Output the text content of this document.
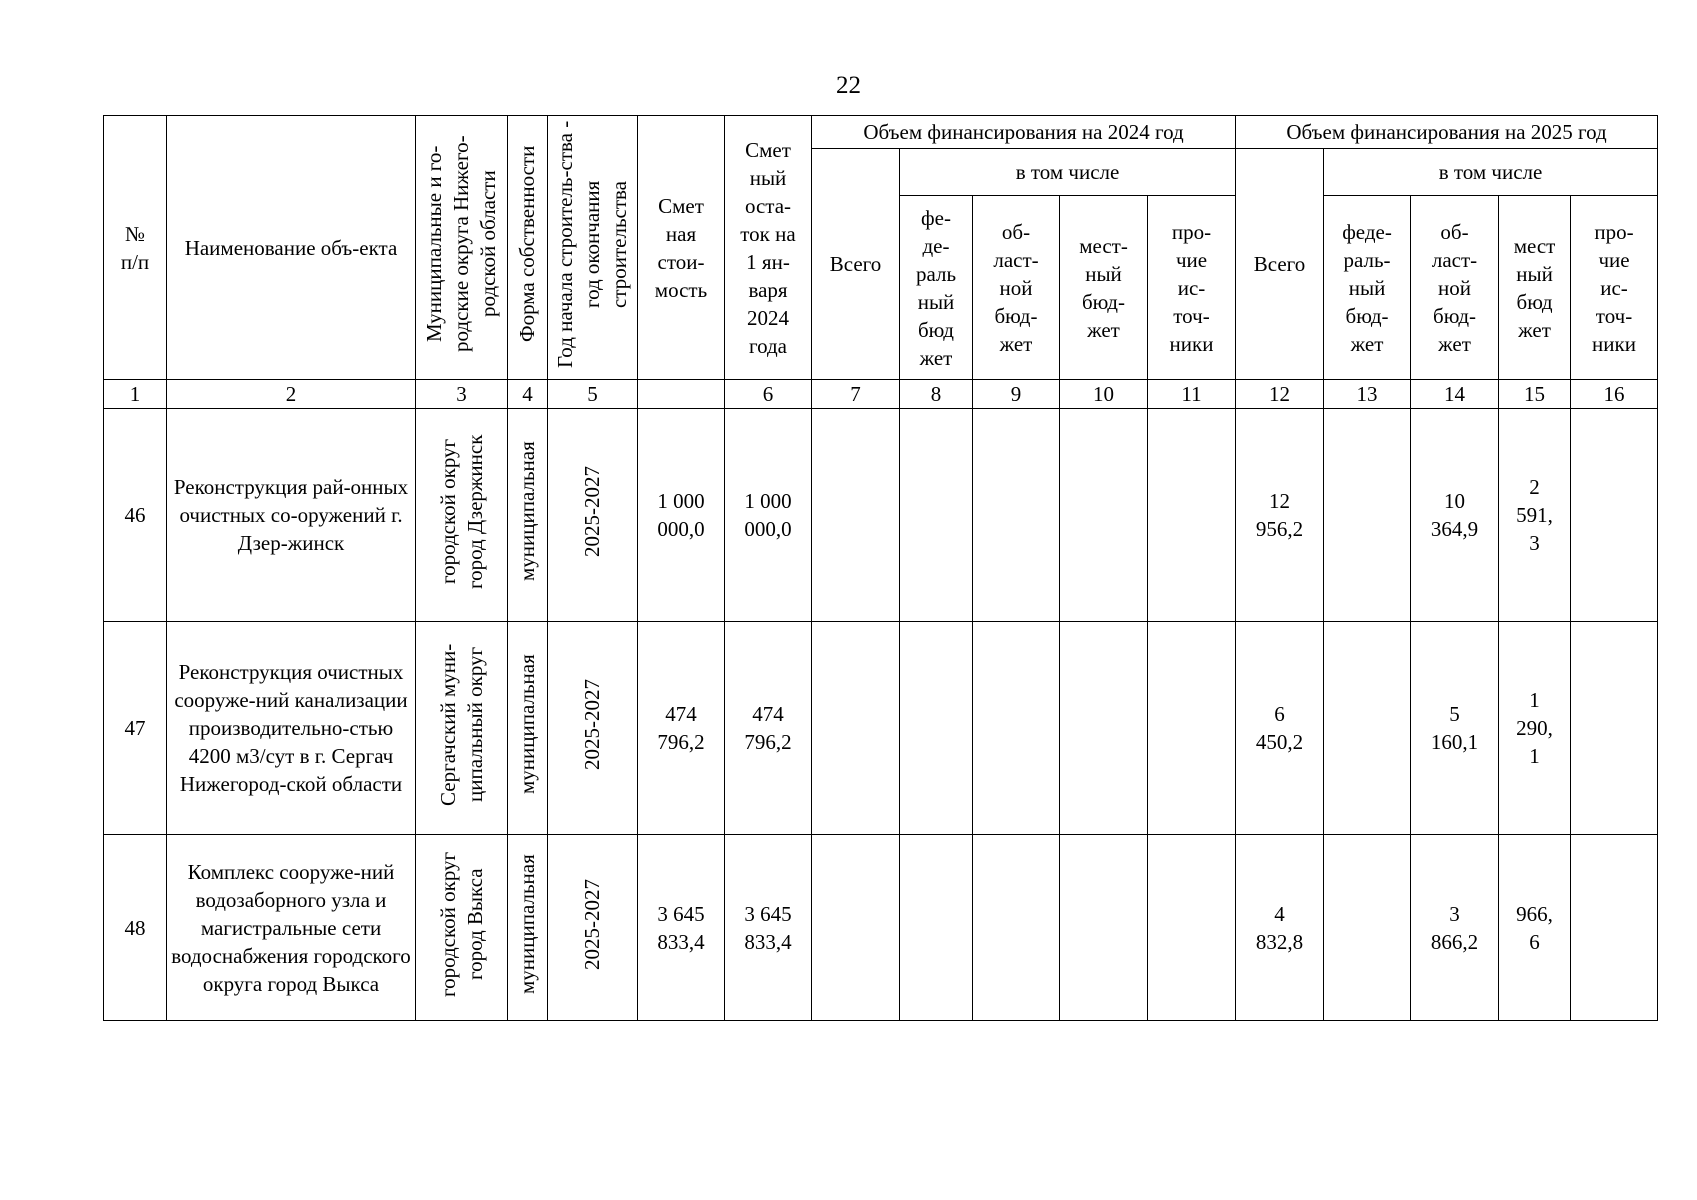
22
№ п/п	Наименование объ-екта	Муниципальные и го-родские округа Нижего-родской области	Форма собственности	Год начала строитель-ства - год окончания строительства	Смет ная стои-мость	Смет ный оста-ток на 1 ян-варя 2024 года	Объем финансирования на 2024 год					Объем финансирования на 2025 год				
							Всего	в том числе				Всего	в том числе			
								фе-де-раль ный бюд жет	об-ласт-ной бюд-жет	мест-ный бюд-жет	про-чие ис-точ-ники		феде-раль-ный бюд-жет	об-ласт-ной бюд-жет	мест ный бюд жет	про-чие ис-точ-ники
1	2	3	4	5		6	7	8	9	10	11	12	13	14	15	16
46	Реконструкция рай-онных очистных со-оружений г. Дзер-жинск	городской округ город Дзержинск	муниципальная	2025-2027	1 000 000,0	1 000 000,0						12 956,2		10 364,9	2 591, 3	
47	Реконструкция очистных сооруже-ний канализации производительно-стью 4200 м3/сут в г. Сергач Нижегород-ской области	Сергачский муни-ципальный округ	муниципальная	2025-2027	474 796,2	474 796,2						6 450,2		5 160,1	1 290, 1	
48	Комплекс сооруже-ний водозаборного узла и магистральные сети водоснабжения городского округа город Выкса	городской округ город Выкса	муниципальная	2025-2027	3 645 833,4	3 645 833,4						4 832,8		3 866,2	966, 6	
